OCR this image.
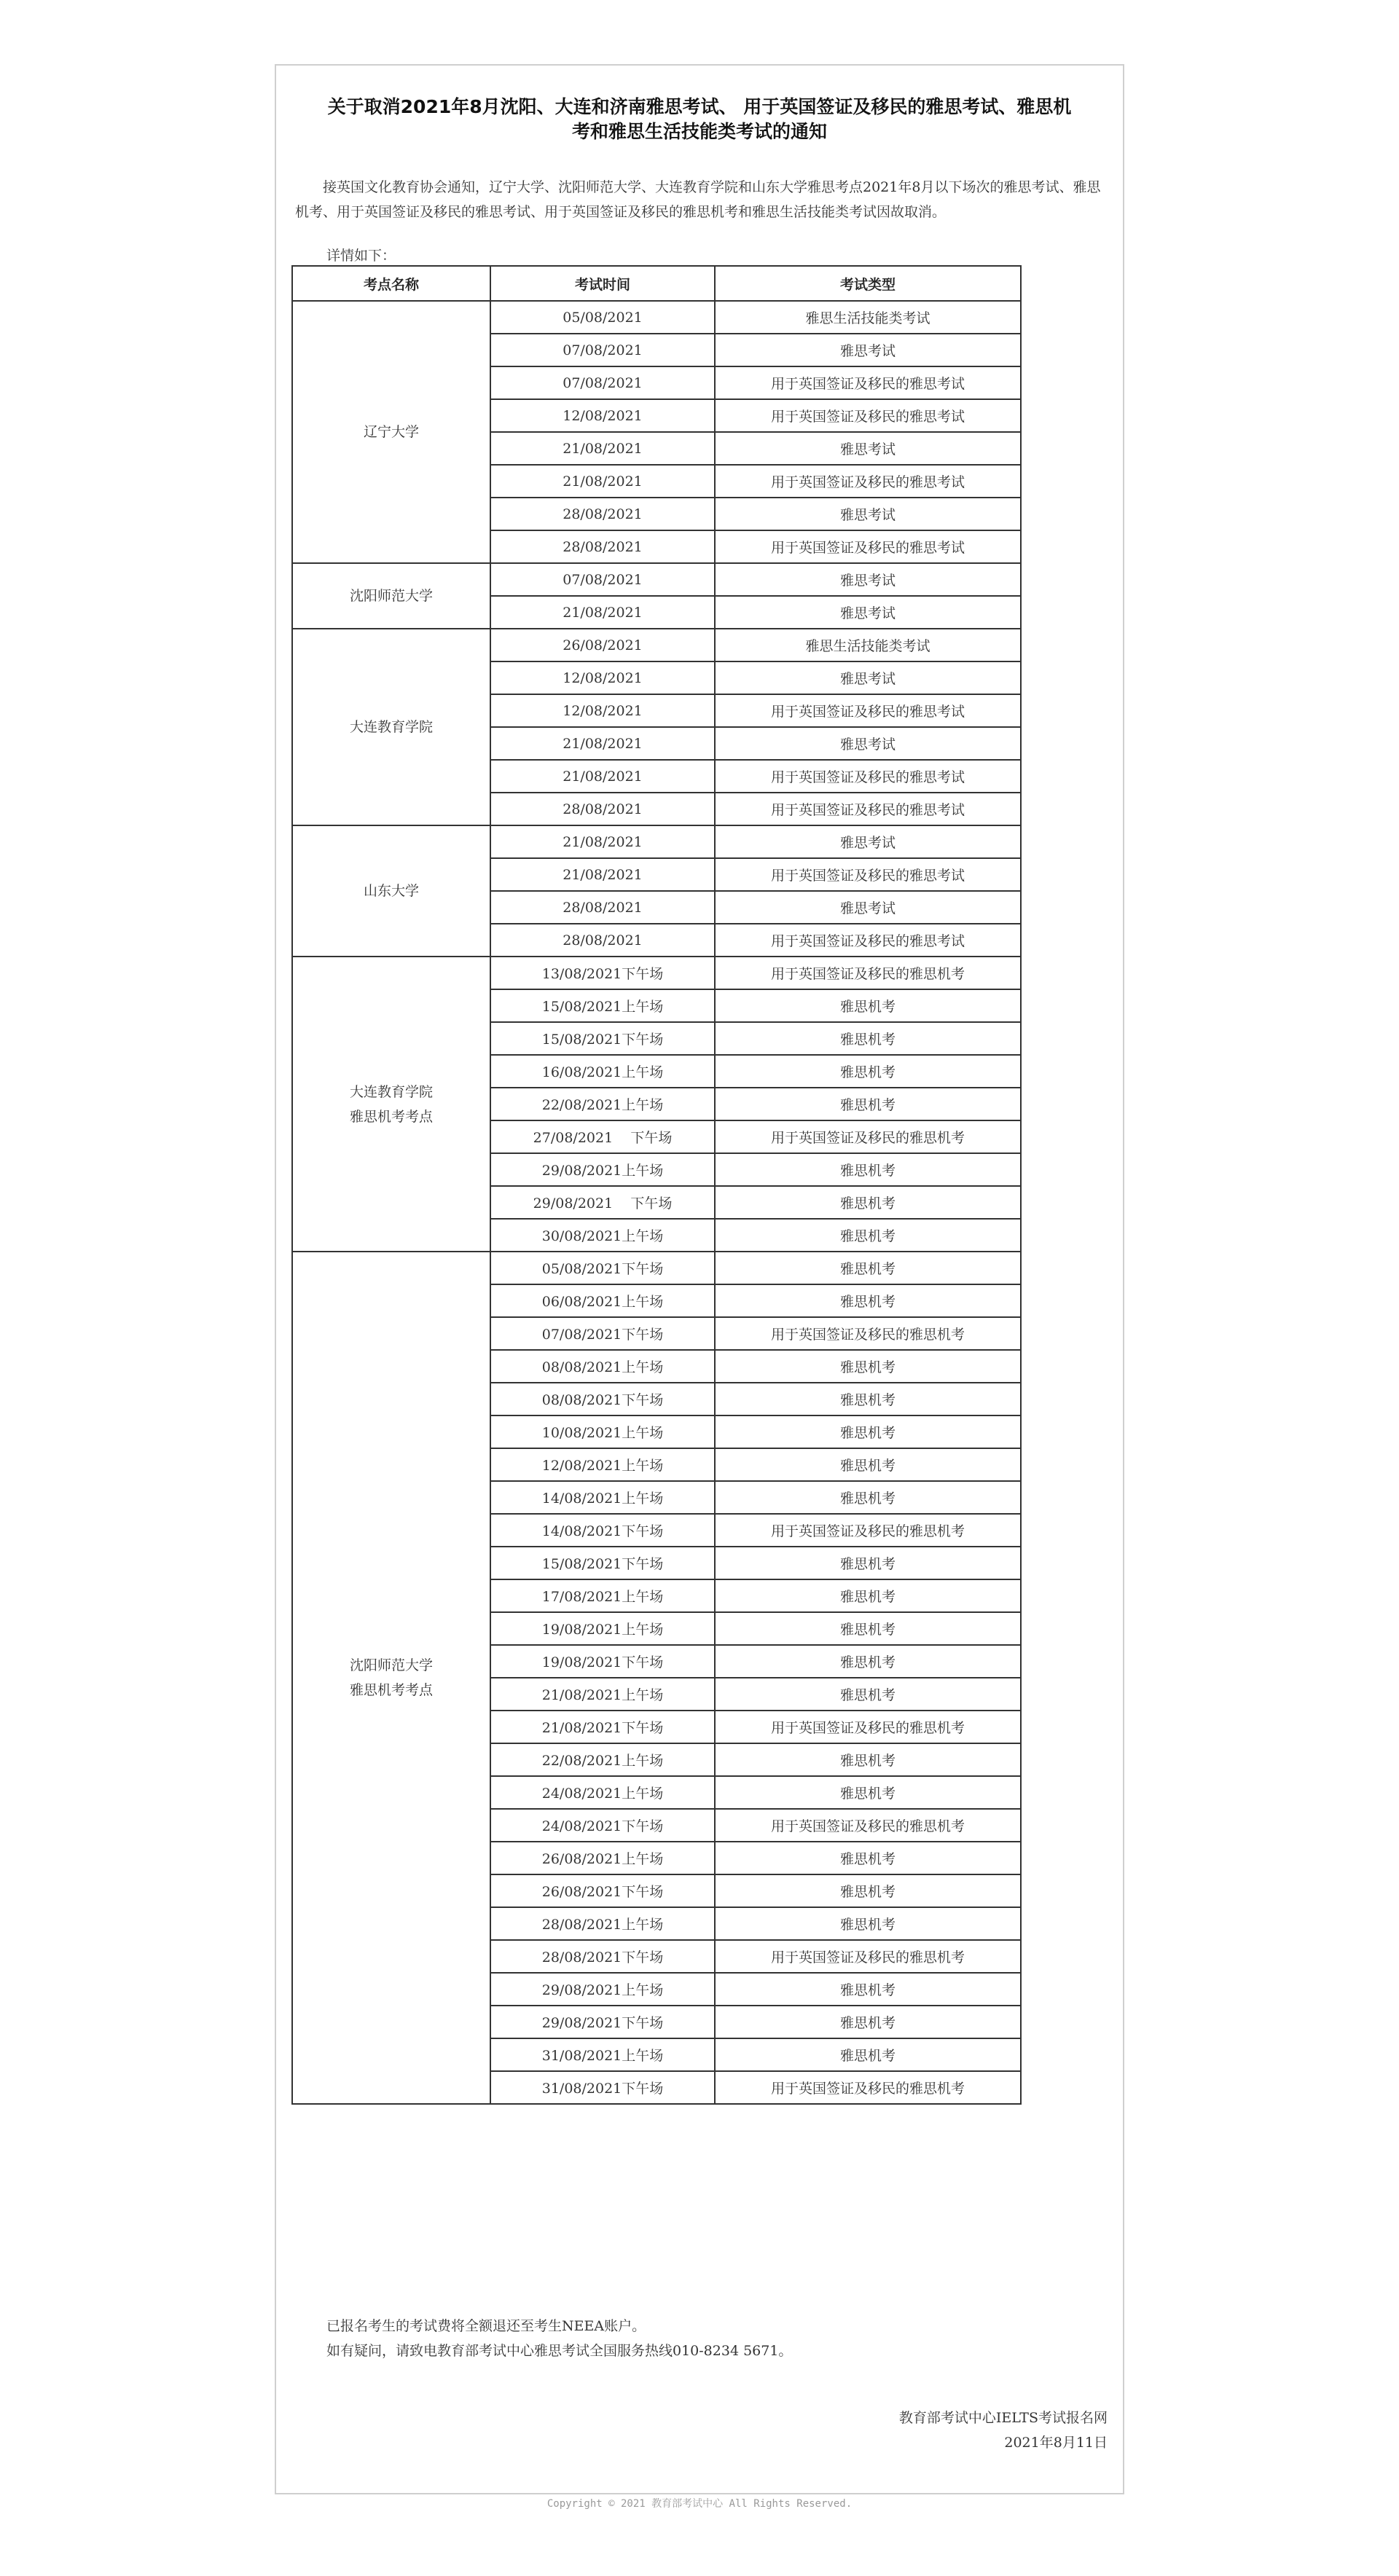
关于取消2021年8月沈阳、大连和济南雅思考试、 用于英国签证及移民的雅思考试、雅思机
考和雅思生活技能类考试的通知

接英国文化教育协会通知，辽宁大学、沈阳师范大学、大连教育学院和山东大学雅思考点2021年8月以下场次的雅思考试、雅思机考、用于英国签证及移民的雅思考试、用于英国签证及移民的雅思机考和雅思生活技能类考试因故取消。

详情如下：
考点名称	考试时间	考试类型
辽宁大学	05/08/2021	雅思生活技能类考试
	07/08/2021	雅思考试
	07/08/2021	用于英国签证及移民的雅思考试
	12/08/2021	用于英国签证及移民的雅思考试
	21/08/2021	雅思考试
	21/08/2021	用于英国签证及移民的雅思考试
	28/08/2021	雅思考试
	28/08/2021	用于英国签证及移民的雅思考试
沈阳师范大学	07/08/2021	雅思考试
	21/08/2021	雅思考试
大连教育学院	26/08/2021	雅思生活技能类考试
	12/08/2021	雅思考试
	12/08/2021	用于英国签证及移民的雅思考试
	21/08/2021	雅思考试
	21/08/2021	用于英国签证及移民的雅思考试
	28/08/2021	用于英国签证及移民的雅思考试
山东大学	21/08/2021	雅思考试
	21/08/2021	用于英国签证及移民的雅思考试
	28/08/2021	雅思考试
	28/08/2021	用于英国签证及移民的雅思考试
大连教育学院
雅思机考考点	13/08/2021下午场	用于英国签证及移民的雅思机考
	15/08/2021上午场	雅思机考
	15/08/2021下午场	雅思机考
	16/08/2021上午场	雅思机考
	22/08/2021上午场	雅思机考
	27/08/2021    下午场	用于英国签证及移民的雅思机考
	29/08/2021上午场	雅思机考
	29/08/2021    下午场	雅思机考
	30/08/2021上午场	雅思机考
沈阳师范大学
雅思机考考点	05/08/2021下午场	雅思机考
	06/08/2021上午场	雅思机考
	07/08/2021下午场	用于英国签证及移民的雅思机考
	08/08/2021上午场	雅思机考
	08/08/2021下午场	雅思机考
	10/08/2021上午场	雅思机考
	12/08/2021上午场	雅思机考
	14/08/2021上午场	雅思机考
	14/08/2021下午场	用于英国签证及移民的雅思机考
	15/08/2021下午场	雅思机考
	17/08/2021上午场	雅思机考
	19/08/2021上午场	雅思机考
	19/08/2021下午场	雅思机考
	21/08/2021上午场	雅思机考
	21/08/2021下午场	用于英国签证及移民的雅思机考
	22/08/2021上午场	雅思机考
	24/08/2021上午场	雅思机考
	24/08/2021下午场	用于英国签证及移民的雅思机考
	26/08/2021上午场	雅思机考
	26/08/2021下午场	雅思机考
	28/08/2021上午场	雅思机考
	28/08/2021下午场	用于英国签证及移民的雅思机考
	29/08/2021上午场	雅思机考
	29/08/2021下午场	雅思机考
	31/08/2021上午场	雅思机考
	31/08/2021下午场	用于英国签证及移民的雅思机考
已报名考生的考试费将全额退还至考生NEEA账户。
如有疑问，请致电教育部考试中心雅思考试全国服务热线010-8234 5671。
教育部考试中心IELTS考试报名网
2021年8月11日
Copyright © 2021 教育部考试中心 All Rights Reserved.
